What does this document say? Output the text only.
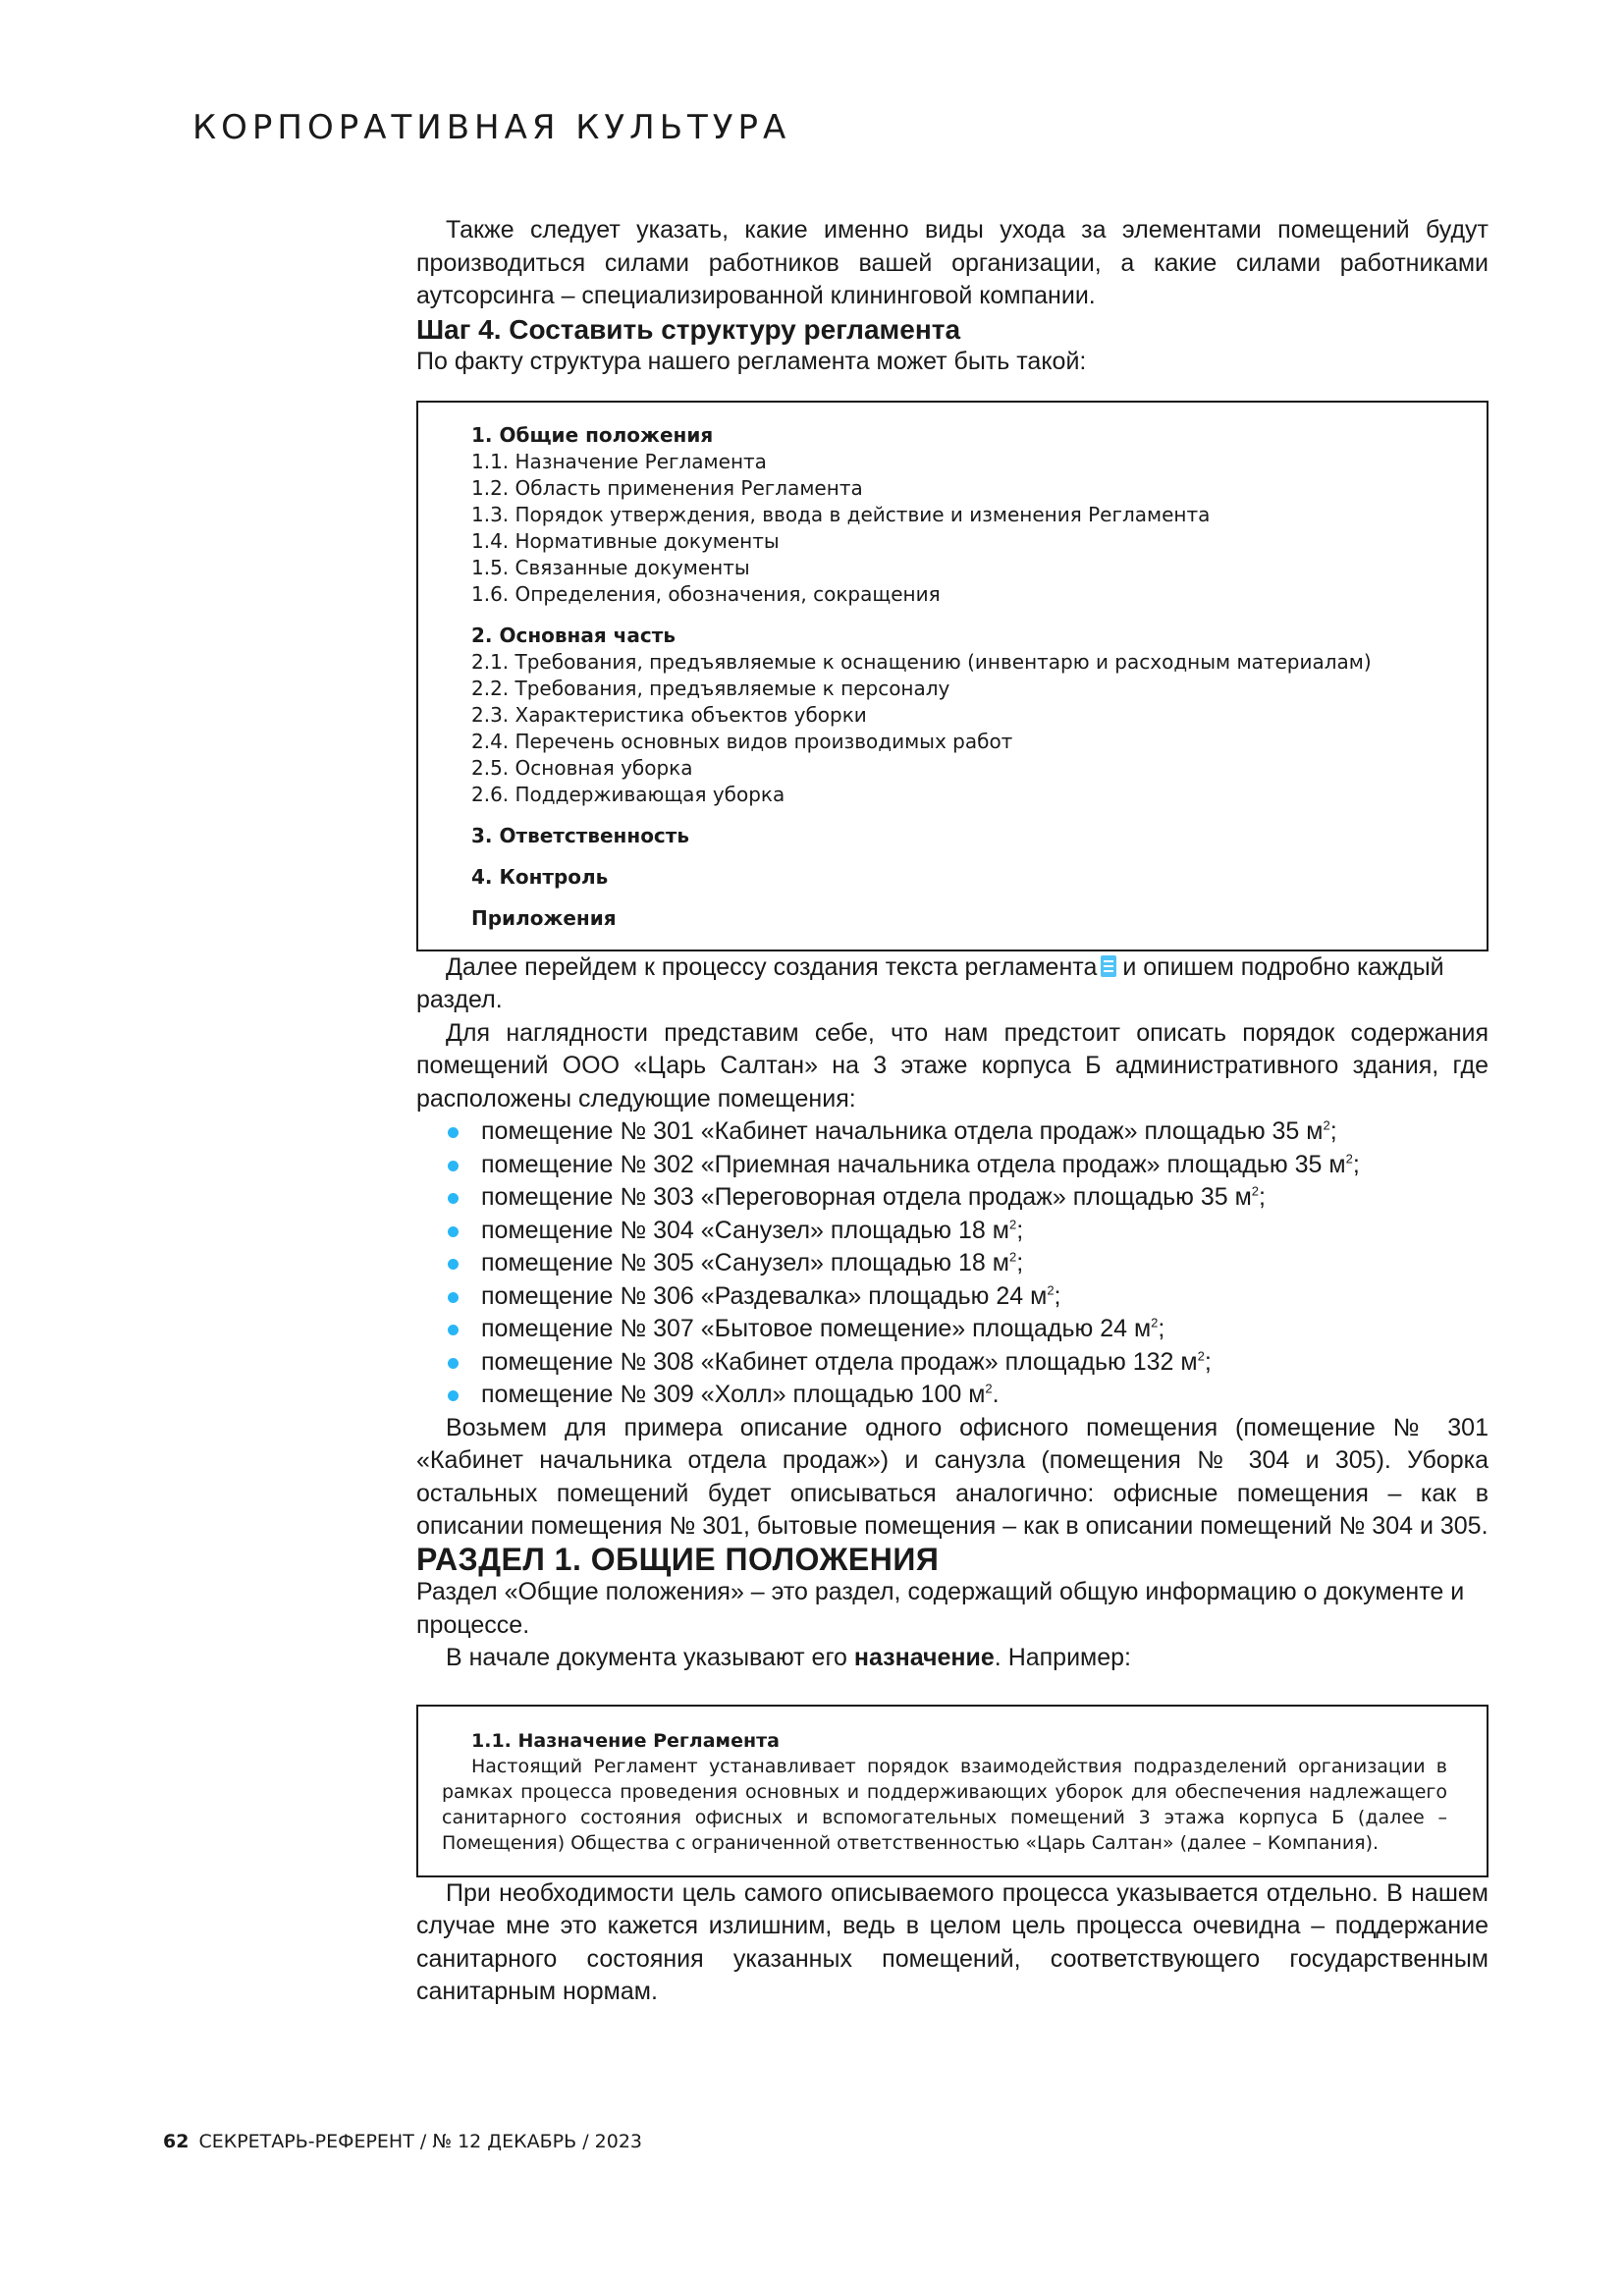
КОРПОРАТИВНАЯ КУЛЬТУРА

Также следует указать, какие именно виды ухода за элементами помещений будут производиться силами работников вашей организации, а какие силами работниками аутсорсинга – специализированной клининговой компании.

Шаг 4. Составить структуру регламента

По факту структура нашего регламента может быть такой:

1. Общие положения
1.1. Назначение Регламента
1.2. Область применения Регламента
1.3. Порядок утверждения, ввода в действие и изменения Регламента
1.4. Нормативные документы
1.5. Связанные документы
1.6. Определения, обозначения, сокращения
2. Основная часть
2.1. Требования, предъявляемые к оснащению (инвентарю и расходным материалам)
2.2. Требования, предъявляемые к персоналу
2.3. Характеристика объектов уборки
2.4. Перечень основных видов производимых работ
2.5. Основная уборка
2.6. Поддерживающая уборка
3. Ответственность
4. Контроль
Приложения

Далее перейдем к процессу создания текста регламента и опишем подробно каждый раздел.

Для наглядности представим себе, что нам предстоит описать порядок содержания помещений ООО «Царь Салтан» на 3 этаже корпуса Б административного здания, где расположены следующие помещения:

помещение № 301 «Кабинет начальника отдела продаж» площадью 35 $м^2$;
помещение № 302 «Приемная начальника отдела продаж» площадью 35 $м^2$;
помещение № 303 «Переговорная отдела продаж» площадью 35 $м^2$;
помещение № 304 «Санузел» площадью 18 $м^2$;
помещение № 305 «Санузел» площадью 18 $м^2$;
помещение № 306 «Раздевалка» площадью 24 $м^2$;
помещение № 307 «Бытовое помещение» площадью 24 $м^2$;
помещение № 308 «Кабинет отдела продаж» площадью 132 $м^2$;
помещение № 309 «Холл» площадью 100 $м^2$.

Возьмем для примера описание одного офисного помещения (помещение № 301 «Кабинет начальника отдела продаж») и санузла (помещения № 304 и 305). Уборка остальных помещений будет описываться аналогично: офисные помещения – как в описании помещения № 301, бытовые помещения – как в описании помещений № 304 и 305.

РАЗДЕЛ 1. ОБЩИЕ ПОЛОЖЕНИЯ

Раздел «Общие положения» – это раздел, содержащий общую информацию о документе и процессе.

В начале документа указывают его назначение. Например:

1.1. Назначение Регламента
Настоящий Регламент устанавливает порядок взаимодействия подразделений организации в рамках процесса проведения основных и поддерживающих уборок для обеспечения надлежащего санитарного состояния офисных и вспомогательных помещений 3 этажа корпуса Б (далее – Помещения) Общества с ограниченной ответственностью «Царь Салтан» (далее – Компания).

При необходимости цель самого описываемого процесса указывается отдельно. В нашем случае мне это кажется излишним, ведь в целом цель процесса очевидна – поддержание санитарного состояния указанных помещений, соответствующего государственным санитарным нормам.

62 СЕКРЕТАРЬ-РЕФЕРЕНТ / № 12 ДЕКАБРЬ / 2023
